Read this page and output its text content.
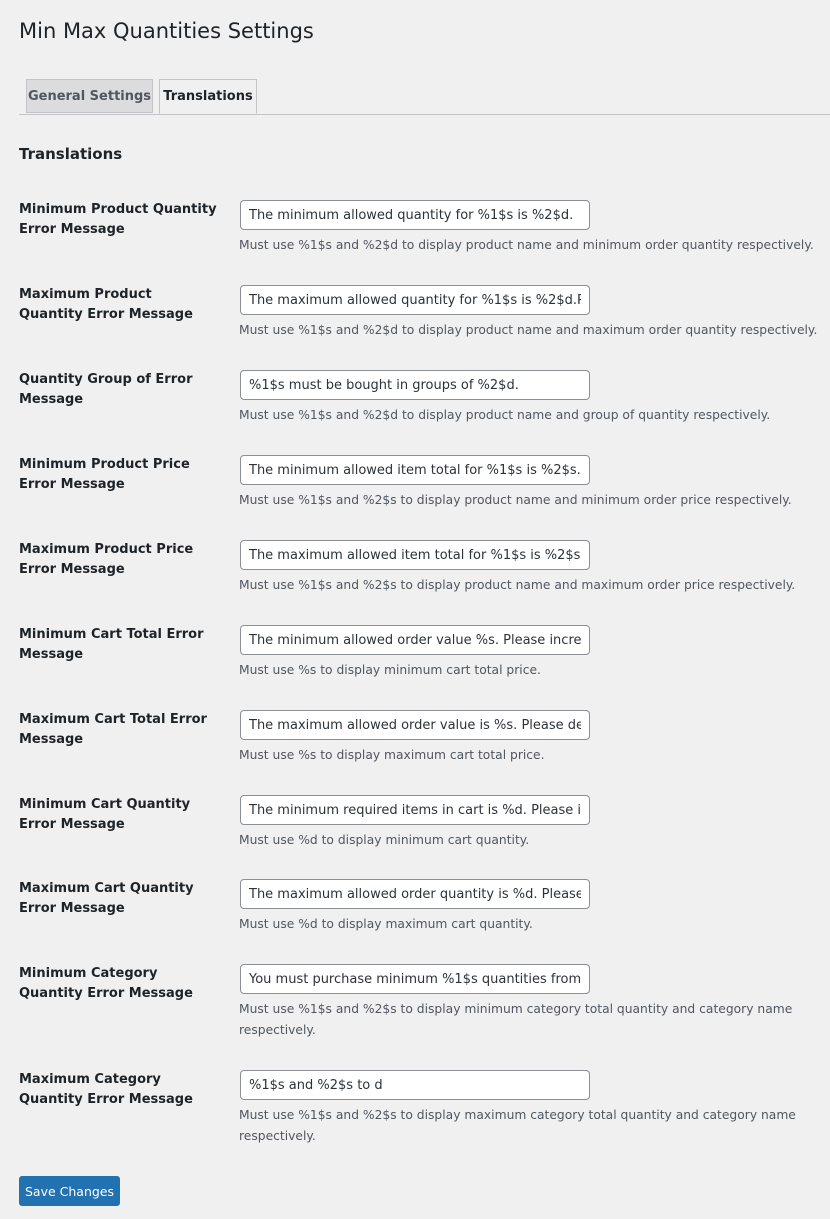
Min Max Quantities Settings
General Settings Translations
Translations
Minimum Product Quantity Error Message
The minimum allowed quantity for %1$s is %2$d.
Must use %1$s and %2$d to display product name and minimum order quantity respectively.
Maximum Product Quantity Error Message
The maximum allowed quantity for %1$s is %2$d.Please
Must use %1$s and %2$d to display product name and maximum order quantity respectively.
Quantity Group of Error Message
%1$s must be bought in groups of %2$d.
Must use %1$s and %2$d to display product name and group of quantity respectively.
Minimum Product Price Error Message
The minimum allowed item total for %1$s is %2$s.
Must use %1$s and %2$s to display product name and minimum order price respectively.
Maximum Product Price Error Message
The maximum allowed item total for %1$s is %2$s.
Must use %1$s and %2$s to display product name and maximum order price respectively.
Minimum Cart Total Error Message
The minimum allowed order value %s. Please increase
Must use %s to display minimum cart total price.
Maximum Cart Total Error Message
The maximum allowed order value is %s. Please decrease
Must use %s to display maximum cart total price.
Minimum Cart Quantity Error Message
The minimum required items in cart is %d. Please increase
Must use %d to display minimum cart quantity.
Maximum Cart Quantity Error Message
The maximum allowed order quantity is %d. Please decrease
Must use %d to display maximum cart quantity.
Minimum Category Quantity Error Message
You must purchase minimum %1$s quantities from the
Must use %1$s and %2$s to display minimum category total quantity and category name respectively.
Maximum Category Quantity Error Message
%1$s and %2$s to d
Must use %1$s and %2$s to display maximum category total quantity and category name respectively.
Save Changes
